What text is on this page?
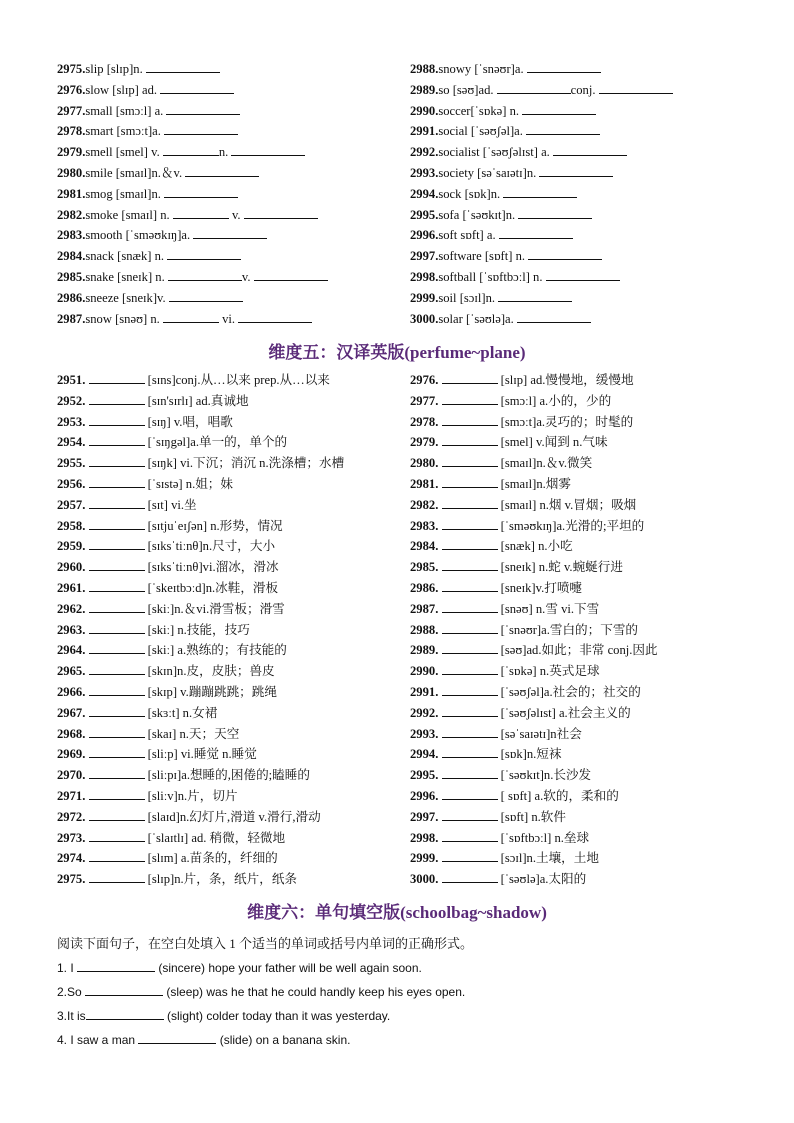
2975.slip [slɪp]n.
2976.slow [slɪp] ad.
2977.small [smɔːl] a.
2978.smart [smɔːt]a.
2979.smell [smel] v.	n.
2980.smile [smaɪl]n.＆v.
2981.smog [smaɪl]n.
2982.smoke [smaɪl] n.	v.
2983.smooth [ˈsməʊkɪŋ]a.
2984.snack [snæk] n.
2985.snake [sneɪk] n.	v.
2986.sneeze [sneɪk]v.
2987.snow [snəʊ] n.	vi.
2988.snowy [ˈsnəʊr]a.
2989.so [səʊ]ad.	conj.
2990.soccer[ˈsɒkə] n.
2991.social [ˈsəʊʃəl]a.
2992.socialist [ˈsəʊʃəlɪst] a.
2993.society [səˈsaɪətɪ]n.
2994.sock [sɒk]n.
2995.sofa [ˈsəʊkɪt]n.
2996.soft sɒft] a.
2997.software [sɒft] n.
2998.softball [ˈsɒftbɔːl] n.
2999.soil [sɔɪl]n.
3000.solar [ˈsəʊlə]a.
维度五：汉译英版(perfume~plane)
2951.	[sɪns]conj.从…以来 prep.从…以来
2952.	[sɪn'sɪrlɪ] ad.真诚地
2953.	[sɪŋ] v.唱，唱歌
2954.	[ˈsɪŋgəl]a.单一的，单个的
2955.	[sɪŋk] vi.下沉；消沉 n.洗涤槽；水槽
2956.	[ˈsɪstə] n.姐；妹
2957.	[sɪt] vi.坐
2958.	[sɪtjuˈeɪʃən] n.形势，情况
2959.	[sɪksˈtiːnθ]n.尺寸，大小
2960.	[sɪksˈtiːnθ]vi.溜冰，滑冰
2961.	[ˈskeɪtbɔːd]n.冰鞋，滑板
2962.	[skiː]n.＆vi.滑雪板；滑雪
2963.	[skiː] n.技能，技巧
2964.	[skiː] a.熟练的；有技能的
2965.	[skɪn]n.皮，皮肤；兽皮
2966.	[skɪp] v.蹦蹦跳跳；跳绳
2967.	[skɜːt] n.女裙
2968.	[skaɪ] n.天；天空
2969.	[sliːp] vi.睡觉 n.睡觉
2970.	[sliːpɪ]a.想睡的,困倦的;瞌睡的
2971.	[sliːv]n.片，切片
2972.	[slaɪd]n.幻灯片,滑道 v.滑行,滑动
2973.	[ˈslaɪtlɪ] ad. 稍微，轻微地
2974.	[slɪm] a.苗条的，纤细的
2975.	[slɪp]n.片，条，纸片，纸条
2976.	[slɪp] ad.慢慢地，缓慢地
2977.	[smɔːl] a.小的，少的
2978.	[smɔːt]a.灵巧的；时髦的
2979.	[smel] v.闻到 n.气味
2980.	[smaɪl]n.＆v.微笑
2981.	[smaɪl]n.烟雾
2982.	[smaɪl] n.烟 v.冒烟；吸烟
2983.	[ˈsməʊkɪŋ]a.光滑的;平坦的
2984.	[snæk] n.小吃
2985.	[sneɪk] n.蛇 v.蜿蜒行进
2986.	[sneɪk]v.打喷嚏
2987.	[snəʊ] n.雪 vi.下雪
2988.	[ˈsnəʊr]a.雪白的；下雪的
2989.	[səʊ]ad.如此；非常 conj.因此
2990.	[ˈsɒkə] n.英式足球
2991.	[ˈsəʊʃəl]a.社会的；社交的
2992.	[ˈsəʊʃəlɪst] a.社会主义的
2993.	[səˈsaɪətɪ]n社会
2994.	[sɒk]n.短袜
2995.	[ˈsəʊkɪt]n.长沙发
2996.	[ sɒft] a.软的，柔和的
2997.	[sɒft] n.软件
2998.	[ˈsɒftbɔːl] n.垒球
2999.	[sɔɪl]n.土壤，土地
3000.	[ˈsəʊlə]a.太阳的
维度六：单句填空版(schoolbag~shadow)
阅读下面句子，在空白处填入 1 个适当的单词或括号内单词的正确形式。
1. I	(sincere) hope your father will be well again soon.
2.So	(sleep) was he that he could handly keep his eyes open.
3.It is	(slight) colder today than it was yesterday.
4. I saw a man	(slide) on a banana skin.
